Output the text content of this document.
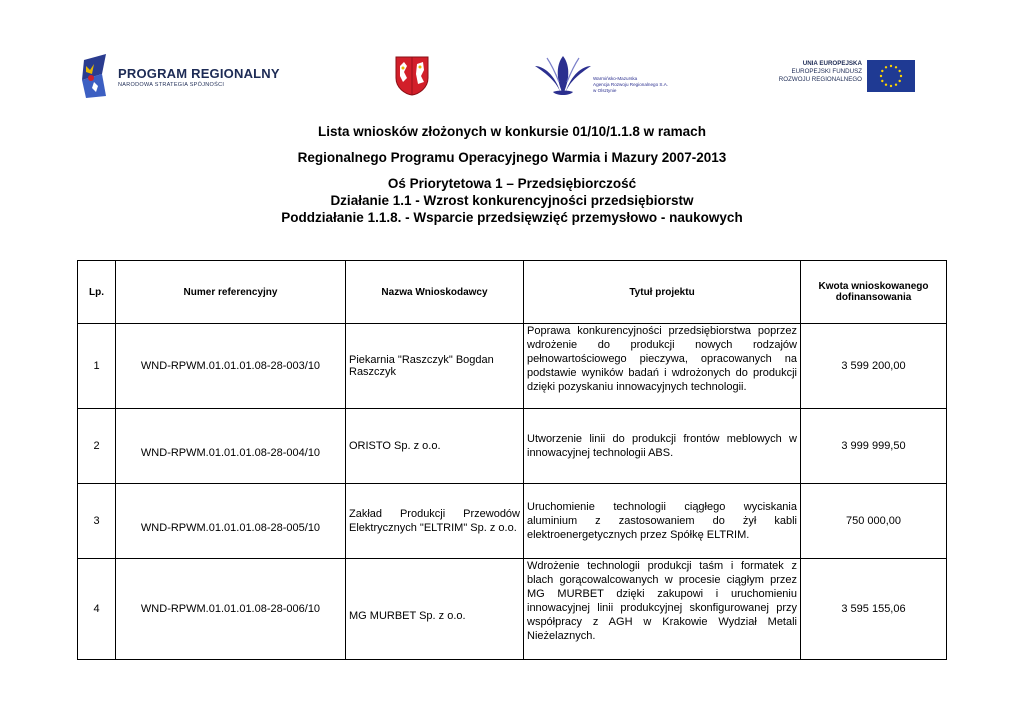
PROGRAM REGIONALNY
NARODOWA STRATEGIA SPÓJNOŚCI
Warmińsko-Mazurska
Agencja Rozwoju Regionalnego S.A.
w Olsztynie
UNIA EUROPEJSKA
EUROPEJSKI FUNDUSZ
ROZWOJU REGIONALNEGO
Lista wniosków złożonych w konkursie 01/10/1.1.8 w ramach
Regionalnego Programu Operacyjnego Warmia i Mazury 2007-2013
Oś Priorytetowa 1 – Przedsiębiorczość
Działanie 1.1 - Wzrost konkurencyjności przedsiębiorstw
Poddziałanie 1.1.8. - Wsparcie przedsięwzięć przemysłowo - naukowych
Lp.	Numer referencyjny	Nazwa Wnioskodawcy	Tytuł projektu	Kwota wnioskowanego dofinansowania
1	WND-RPWM.01.01.01.08-28-003/10	Piekarnia "Raszczyk" Bogdan Raszczyk	Poprawa konkurencyjności przedsiębiorstwa poprzez wdrożenie do produkcji nowych rodzajów pełnowartościowego pieczywa, opracowanych na podstawie wyników badań i wdrożonych do produkcji dzięki pozyskaniu innowacyjnych technologii.	3 599 200,00
2	WND-RPWM.01.01.01.08-28-004/10	ORISTO Sp. z o.o.	Utworzenie linii do produkcji frontów meblowych w innowacyjnej technologii ABS.	3 999 999,50
3	WND-RPWM.01.01.01.08-28-005/10	Zakład Produkcji Przewodów Elektrycznych "ELTRIM" Sp. z o.o.	Uruchomienie technologii ciągłego wyciskania aluminium z zastosowaniem do żył kabli elektroenergetycznych przez Spółkę ELTRIM.	750 000,00
4	WND-RPWM.01.01.01.08-28-006/10	MG MURBET Sp. z o.o.	Wdrożenie technologii produkcji taśm i formatek z blach gorącowalcowanych w procesie ciągłym przez MG MURBET dzięki zakupowi i uruchomieniu innowacyjnej linii produkcyjnej skonfigurowanej przy współpracy z AGH w Krakowie Wydział Metali Nieżelaznych.	3 595 155,06
